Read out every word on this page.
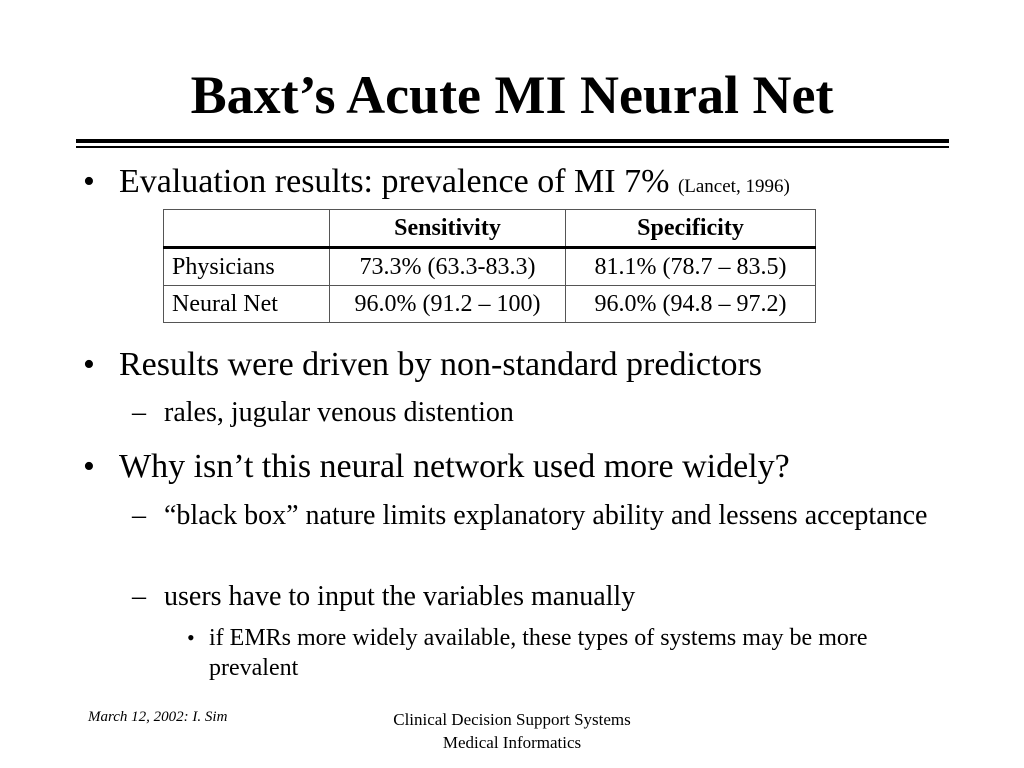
Baxt’s Acute MI Neural Net
• Evaluation results: prevalence of MI 7% (Lancet, 1996)
	Sensitivity	Specificity
Physicians	73.3% (63.3-83.3)	81.1% (78.7 – 83.5)
Neural Net	96.0% (91.2 – 100)	96.0% (94.8 – 97.2)
• Results were driven by non-standard predictors
– rales, jugular venous distention
• Why isn’t this neural network used more widely?
– “black box” nature limits explanatory ability and lessens acceptance
– users have to input the variables manually
• if EMRs more widely available, these types of systems may be more prevalent
March 12, 2002: I. Sim	Clinical Decision Support Systems
Medical Informatics
